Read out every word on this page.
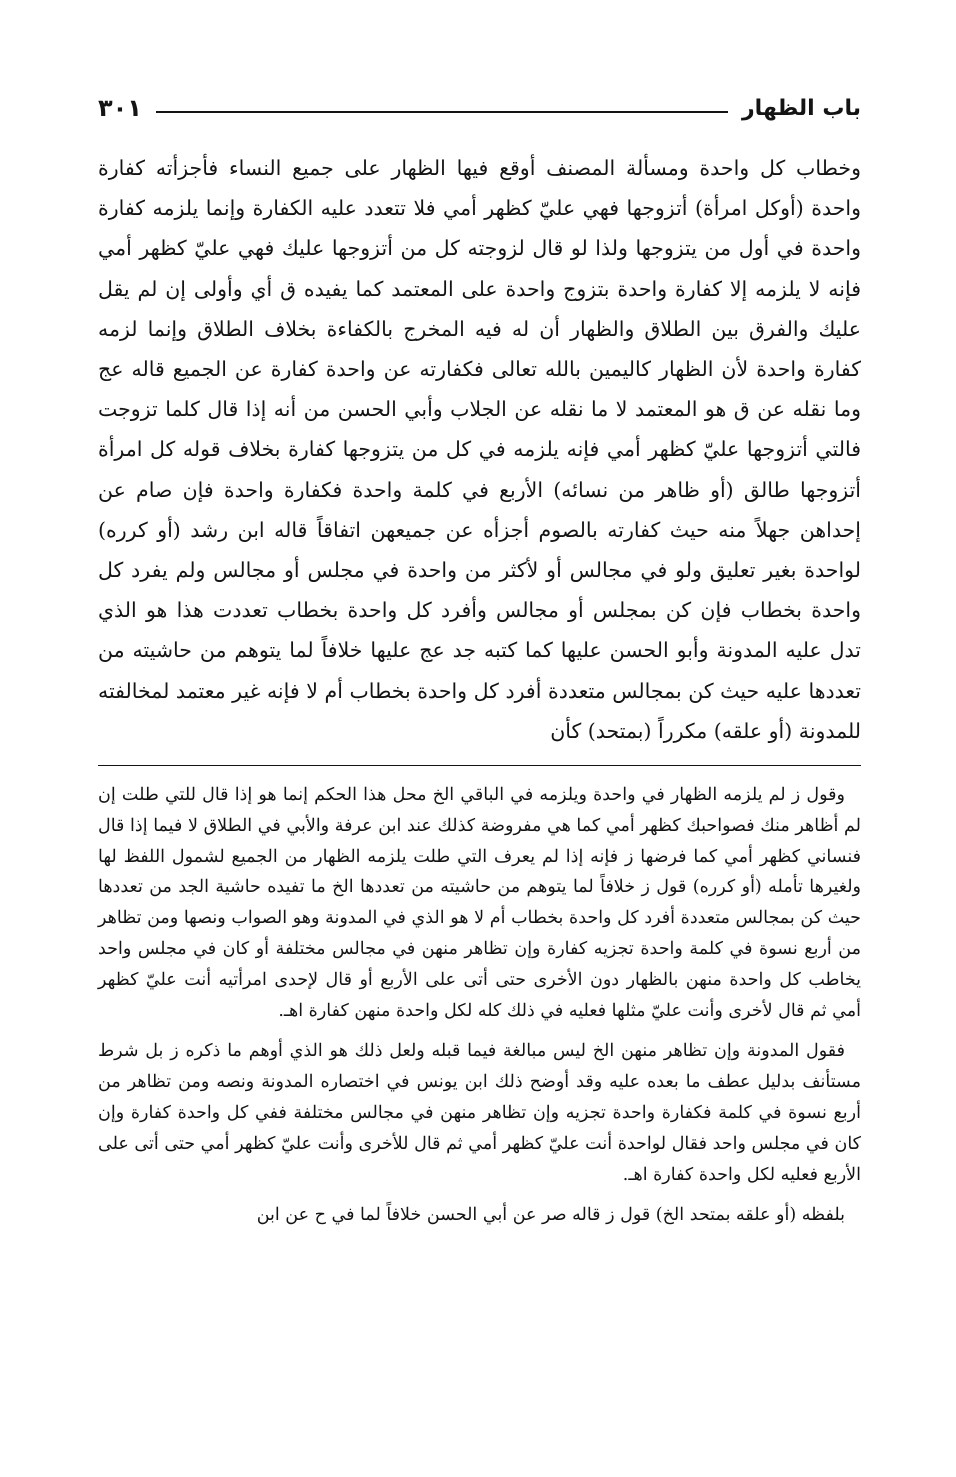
باب الظهار
٣٠١

وخطاب كل واحدة ومسألة المصنف أوقع فيها الظهار على جميع النساء فأجزأته كفارة واحدة (أوكل امرأة) أتزوجها فهي عليّ كظهر أمي فلا تتعدد عليه الكفارة وإنما يلزمه كفارة واحدة في أول من يتزوجها ولذا لو قال لزوجته كل من أتزوجها عليك فهي عليّ كظهر أمي فإنه لا يلزمه إلا كفارة واحدة بتزوج واحدة على المعتمد كما يفيده ق أي وأولى إن لم يقل عليك والفرق بين الطلاق والظهار أن له فيه المخرج بالكفاءة بخلاف الطلاق وإنما لزمه كفارة واحدة لأن الظهار كاليمين بالله تعالى فكفارته عن واحدة كفارة عن الجميع قاله عج وما نقله عن ق هو المعتمد لا ما نقله عن الجلاب وأبي الحسن من أنه إذا قال كلما تزوجت فالتي أتزوجها عليّ كظهر أمي فإنه يلزمه في كل من يتزوجها كفارة بخلاف قوله كل امرأة أتزوجها طالق (أو ظاهر من نسائه) الأربع في كلمة واحدة فكفارة واحدة فإن صام عن إحداهن جهلاً منه حيث كفارته بالصوم أجزأه عن جميعهن اتفاقاً قاله ابن رشد (أو كرره) لواحدة بغير تعليق ولو في مجالس أو لأكثر من واحدة في مجلس أو مجالس ولم يفرد كل واحدة بخطاب فإن كن بمجلس أو مجالس وأفرد كل واحدة بخطاب تعددت هذا هو الذي تدل عليه المدونة وأبو الحسن عليها كما كتبه جد عج عليها خلافاً لما يتوهم من حاشيته من تعددها عليه حيث كن بمجالس متعددة أفرد كل واحدة بخطاب أم لا فإنه غير معتمد لمخالفته للمدونة (أو علقه) مكرراً (بمتحد) كأن

وقول ز لم يلزمه الظهار في واحدة ويلزمه في الباقي الخ محل هذا الحكم إنما هو إذا قال للتي طلت إن لم أظاهر منك فصواحبك كظهر أمي كما هي مفروضة كذلك عند ابن عرفة والأبي في الطلاق لا فيما إذا قال فنساني كظهر أمي كما فرضها ز فإنه إذا لم يعرف التي طلت يلزمه الظهار من الجميع لشمول اللفظ لها ولغيرها تأمله (أو كرره) قول ز خلافاً لما يتوهم من حاشيته من تعددها الخ ما تفيده حاشية الجد من تعددها حيث كن بمجالس متعددة أفرد كل واحدة بخطاب أم لا هو الذي في المدونة وهو الصواب ونصها ومن تظاهر من أربع نسوة في كلمة واحدة تجزيه كفارة وإن تظاهر منهن في مجالس مختلفة أو كان في مجلس واحد يخاطب كل واحدة منهن بالظهار دون الأخرى حتى أتى على الأربع أو قال لإحدى امرأتيه أنت عليّ كظهر أمي ثم قال لأخرى وأنت عليّ مثلها فعليه في ذلك كله لكل واحدة منهن كفارة اهـ.

فقول المدونة وإن تظاهر منهن الخ ليس مبالغة فيما قبله ولعل ذلك هو الذي أوهم ما ذكره ز بل شرط مستأنف بدليل عطف ما بعده عليه وقد أوضح ذلك ابن يونس في اختصاره المدونة ونصه ومن تظاهر من أربع نسوة في كلمة فكفارة واحدة تجزيه وإن تظاهر منهن في مجالس مختلفة ففي كل واحدة كفارة وإن كان في مجلس واحد فقال لواحدة أنت عليّ كظهر أمي ثم قال للأخرى وأنت عليّ كظهر أمي حتى أتى على الأربع فعليه لكل واحدة كفارة اهـ.

بلفظه (أو علقه بمتحد الخ) قول ز قاله صر عن أبي الحسن خلافاً لما في ح عن ابن
